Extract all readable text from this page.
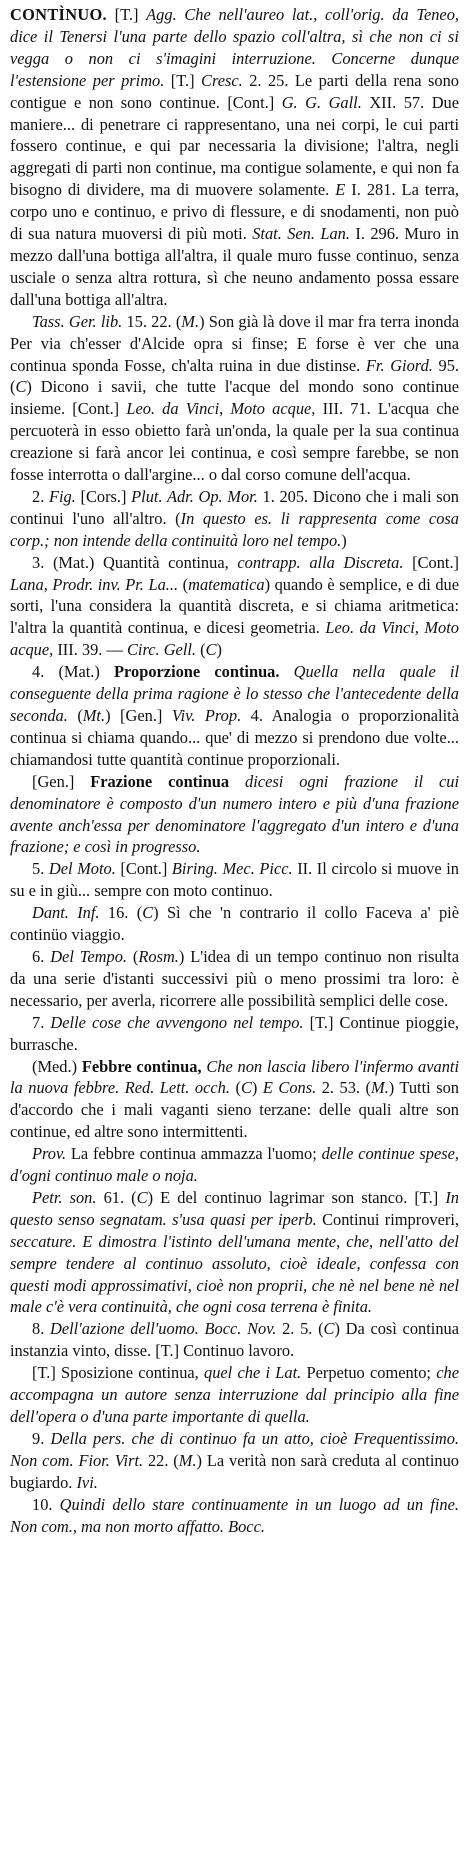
CONTÌNUO. [T.] Agg. Che nell'aureo lat., coll'orig. da Teneo, dice il Tenersi l'una parte dello spazio coll'altra, sì che non ci si vegga o non ci s'imagini interruzione. Concerne dunque l'estensione per primo. [T.] Cresc. 2. 25. Le parti della rena sono contigue e non sono continue. [Cont.] G. G. Gall. XII. 57. Due maniere... di penetrare ci rappresentano, una nei corpi, le cui parti fossero continue, e qui par necessaria la divisione; l'altra, negli aggregati di parti non continue, ma contigue solamente, e qui non fa bisogno di dividere, ma di muovere solamente. E I. 281. La terra, corpo uno e continuo, e privo di flessure, e di snodamenti, non può di sua natura muoversi di più moti. Stat. Sen. Lan. I. 296. Muro in mezzo dall'una bottiga all'altra, il quale muro fusse continuo, senza usciale o senza altra rottura, sì che neuno andamento possa essare dall'una bottiga all'altra.

Tass. Ger. lib. 15. 22. (M.) Son già là dove il mar fra terra inonda Per via ch'esser d'Alcide opra si finse; E forse è ver che una continua sponda Fosse, ch'alta ruina in due distinse. Fr. Giord. 95. (C) Dicono i savii, che tutte l'acque del mondo sono continue insieme. [Cont.] Leo. da Vinci, Moto acque, III. 71. L'acqua che percuoterà in esso obietto farà un'onda, la quale per la sua continua creazione si farà ancor lei continua, e così sempre farebbe, se non fosse interrotta o dall'argine... o dal corso comune dell'acqua.

2. Fig. [Cors.] Plut. Adr. Op. Mor. 1. 205. Dicono che i mali son continui l'uno all'altro. (In questo es. li rappresenta come cosa corp.; non intende della continuità loro nel tempo.)

3. (Mat.) Quantità continua, contrapp. alla Discreta. [Cont.] Lana, Prodr. inv. Pr. La... (matematica) quando è semplice, e di due sorti, l'una considera la quantità discreta, e si chiama aritmetica: l'altra la quantità continua, e dicesi geometria. Leo. da Vinci, Moto acque, III. 39. — Circ. Gell. (C)

4. (Mat.) Proporzione continua. Quella nella quale il conseguente della prima ragione è lo stesso che l'antecedente della seconda. (Mt.) [Gen.] Viv. Prop. 4. Analogia o proporzionalità continua si chiama quando... que' di mezzo si prendono due volte... chiamandosi tutte quantità continue proporzionali.

[Gen.] Frazione continua dicesi ogni frazione il cui denominatore è composto d'un numero intero e più d'una frazione avente anch'essa per denominatore l'aggregato d'un intero e d'una frazione; e così in progresso.

5. Del Moto. [Cont.] Biring. Mec. Picc. II. Il circolo si muove in su e in giù... sempre con moto continuo.

Dant. Inf. 16. (C) Sì che 'n contrario il collo Faceva a' piè continüo viaggio.

6. Del Tempo. (Rosm.) L'idea di un tempo continuo non risulta da una serie d'istanti successivi più o meno prossimi tra loro: è necessario, per averla, ricorrere alle possibilità semplici delle cose.

7. Delle cose che avvengono nel tempo. [T.] Continue pioggie, burrasche.

(Med.) Febbre continua, Che non lascia libero l'infermo avanti la nuova febbre. Red. Lett. occh. (C) E Cons. 2. 53. (M.) Tutti son d'accordo che i mali vaganti sieno terzane: delle quali altre son continue, ed altre sono intermittenti.

Prov. La febbre continua ammazza l'uomo; delle continue spese, d'ogni continuo male o noja.

Petr. son. 61. (C) E del continuo lagrimar son stanco. [T.] In questo senso segnatam. s'usa quasi per iperb. Continui rimproveri, seccature. E dimostra l'istinto dell'umana mente, che, nell'atto del sempre tendere al continuo assoluto, cioè ideale, confessa con questi modi approssimativi, cioè non proprii, che nè nel bene nè nel male c'è vera continuità, che ogni cosa terrena è finita.

8. Dell'azione dell'uomo. Bocc. Nov. 2. 5. (C) Da così continua instanzia vinto, disse. [T.] Continuo lavoro.

[T.] Sposizione continua, quel che i Lat. Perpetuo comento; che accompagna un autore senza interruzione dal principio alla fine dell'opera o d'una parte importante di quella.

9. Della pers. che di continuo fa un atto, cioè Frequentissimo. Non com. Fior. Virt. 22. (M.) La verità non sarà creduta al continuo bugiardo. Ivi.

10. Quindi dello stare continuamente in un luogo ad un fine. Non com., ma non morto affatto. Bocc.
